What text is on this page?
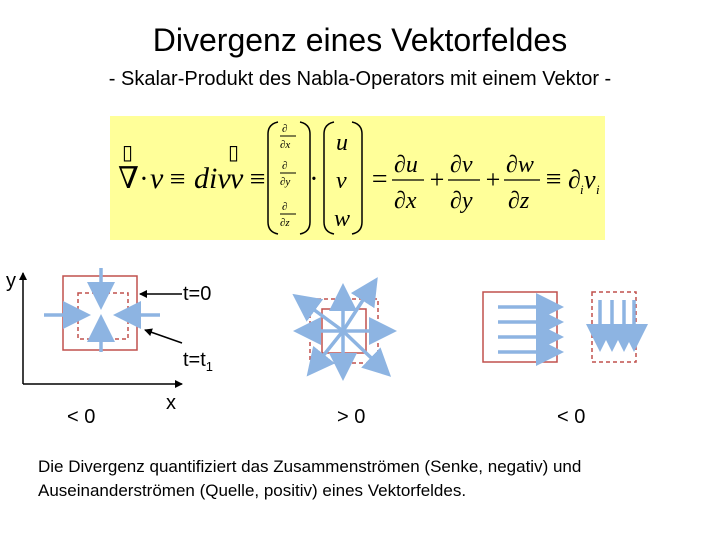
Divergenz eines Vektorfeldes
- Skalar-Produkt des Nabla-Operators mit einem Vektor -
▯	▯
∇ · v ≡ div v ≡
∂
∂x
∂
∂y
∂
∂z
·
u
v
w
= ∂u
∂x
+ ∂v
∂y
+ ∂w
∂z
≡ ∂ i v i
y
x
t=0
$t=t_1$
< 0	> 0	< 0
Die Divergenz quantifiziert das Zusammenströmen (Senke, negativ) und Auseinanderströmen (Quelle, positiv) eines Vektorfeldes.
